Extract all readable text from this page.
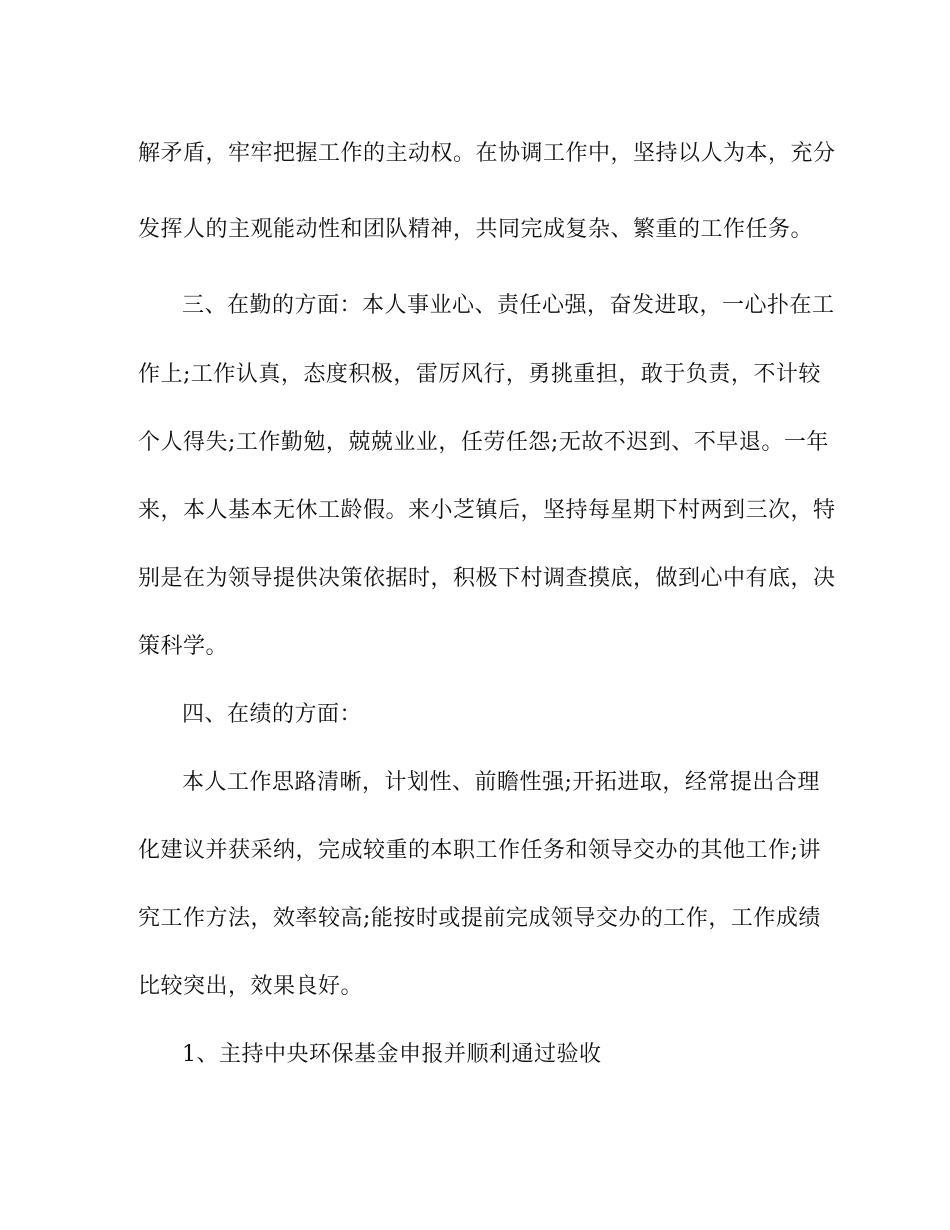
解矛盾，牢牢把握工作的主动权。在协调工作中，坚持以人为本，充分
发挥人的主观能动性和团队精神，共同完成复杂、繁重的工作任务。
三、在勤的方面：本人事业心、责任心强，奋发进取，一心扑在工
作上;工作认真，态度积极，雷厉风行，勇挑重担，敢于负责，不计较
个人得失;工作勤勉，兢兢业业，任劳任怨;无故不迟到、不早退。一年
来，本人基本无休工龄假。来小芝镇后，坚持每星期下村两到三次，特
别是在为领导提供决策依据时，积极下村调查摸底，做到心中有底，决
策科学。
四、在绩的方面：
本人工作思路清晰，计划性、前瞻性强;开拓进取，经常提出合理
化建议并获采纳，完成较重的本职工作任务和领导交办的其他工作;讲
究工作方法，效率较高;能按时或提前完成领导交办的工作，工作成绩
比较突出，效果良好。
1、主持中央环保基金申报并顺利通过验收
